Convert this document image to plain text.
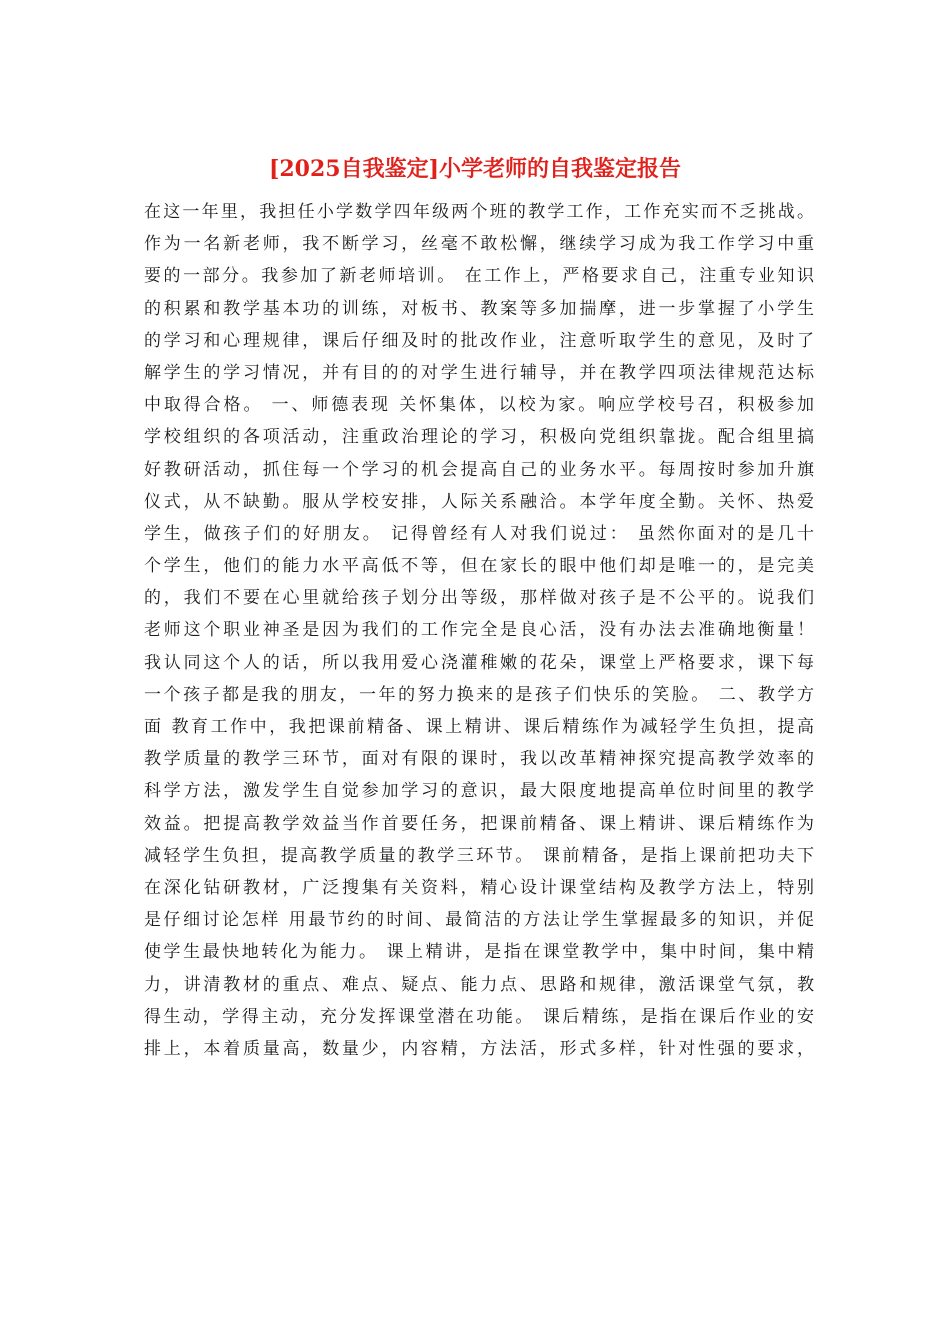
[2025自我鉴定]小学老师的自我鉴定报告
在这一年里，我担任小学数学四年级两个班的教学工作，工作充实而不乏挑战。
作为一名新老师，我不断学习，丝毫不敢松懈，继续学习成为我工作学习中重
要的一部分。我参加了新老师培训。 在工作上，严格要求自己，注重专业知识
的积累和教学基本功的训练，对板书、教案等多加揣摩，进一步掌握了小学生
的学习和心理规律，课后仔细及时的批改作业，注意听取学生的意见，及时了
解学生的学习情况，并有目的的对学生进行辅导，并在教学四项法律规范达标
中取得合格。 一、师德表现 关怀集体，以校为家。响应学校号召，积极参加
学校组织的各项活动，注重政治理论的学习，积极向党组织靠拢。配合组里搞
好教研活动，抓住每一个学习的机会提高自己的业务水平。每周按时参加升旗
仪式，从不缺勤。服从学校安排，人际关系融洽。本学年度全勤。关怀、热爱
学生，做孩子们的好朋友。 记得曾经有人对我们说过： 虽然你面对的是几十
个学生，他们的能力水平高低不等，但在家长的眼中他们却是唯一的，是完美
的，我们不要在心里就给孩子划分出等级，那样做对孩子是不公平的。说我们
老师这个职业神圣是因为我们的工作完全是良心活，没有办法去准确地衡量！
我认同这个人的话，所以我用爱心浇灌稚嫩的花朵，课堂上严格要求，课下每
一个孩子都是我的朋友，一年的努力换来的是孩子们快乐的笑脸。 二、教学方
面 教育工作中，我把课前精备、课上精讲、课后精练作为减轻学生负担，提高
教学质量的教学三环节，面对有限的课时，我以改革精神探究提高教学效率的
科学方法，激发学生自觉参加学习的意识，最大限度地提高单位时间里的教学
效益。把提高教学效益当作首要任务，把课前精备、课上精讲、课后精练作为
减轻学生负担，提高教学质量的教学三环节。 课前精备，是指上课前把功夫下
在深化钻研教材，广泛搜集有关资料，精心设计课堂结构及教学方法上，特别
是仔细讨论怎样 用最节约的时间、最简洁的方法让学生掌握最多的知识，并促
使学生最快地转化为能力。 课上精讲，是指在课堂教学中，集中时间，集中精
力，讲清教材的重点、难点、疑点、能力点、思路和规律，激活课堂气氛，教
得生动，学得主动，充分发挥课堂潜在功能。 课后精练，是指在课后作业的安
排上，本着质量高，数量少，内容精，方法活，形式多样，针对性强的要求，
